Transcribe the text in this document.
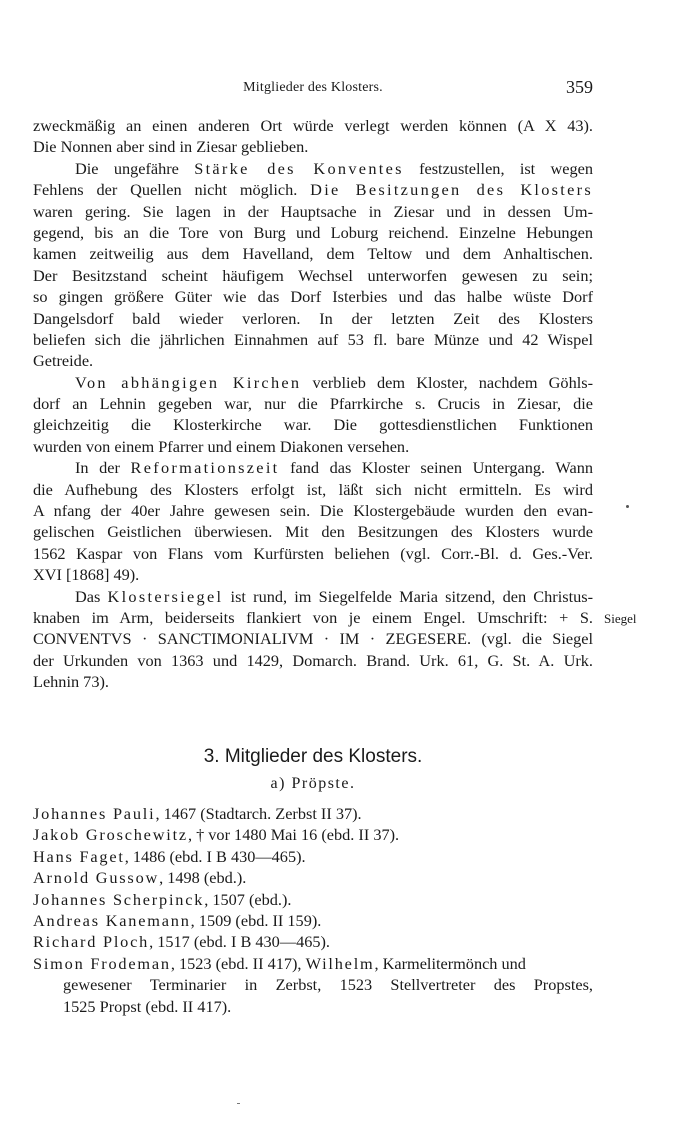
Mitglieder des Klosters.	359
zweckmäßig an einen anderen Ort würde verlegt werden können (A X 43).
Die Nonnen aber sind in Ziesar geblieben.
Die ungefähre Stärke des Konventes festzustellen, ist wegen
Fehlens der Quellen nicht möglich. Die Besitzungen des Klosters
waren gering. Sie lagen in der Hauptsache in Ziesar und in dessen Um-
gegend, bis an die Tore von Burg und Loburg reichend. Einzelne Hebungen
kamen zeitweilig aus dem Havelland, dem Teltow und dem Anhaltischen.
Der Besitzstand scheint häufigem Wechsel unterworfen gewesen zu sein;
so gingen größere Güter wie das Dorf Isterbies und das halbe wüste Dorf
Dangelsdorf bald wieder verloren. In der letzten Zeit des Klosters
beliefen sich die jährlichen Einnahmen auf 53 fl. bare Münze und 42 Wispel
Getreide.
Von abhängigen Kirchen verblieb dem Kloster, nachdem Göhls-
dorf an Lehnin gegeben war, nur die Pfarrkirche s. Crucis in Ziesar, die
gleichzeitig die Klosterkirche war. Die gottesdienstlichen Funktionen
wurden von einem Pfarrer und einem Diakonen versehen.
In der Reformationszeit fand das Kloster seinen Untergang. Wann
die Aufhebung des Klosters erfolgt ist, läßt sich nicht ermitteln. Es wird
A nfang der 40er Jahre gewesen sein. Die Klostergebäude wurden den evan-
gelischen Geistlichen überwiesen. Mit den Besitzungen des Klosters wurde
1562 Kaspar von Flans vom Kurfürsten beliehen (vgl. Corr.-Bl. d. Ges.-Ver.
XVI [1868] 49).
Das Klostersiegel ist rund, im Siegelfelde Maria sitzend, den Christus-
knaben im Arm, beiderseits flankiert von je einem Engel. Umschrift: + S.
CONVENTVS · SANCTIMONIALIVM · IM · ZEGESERE. (vgl. die Siegel
der Urkunden von 1363 und 1429, Domarch. Brand. Urk. 61, G. St. A. Urk.
Lehnin 73).
Siegel
3. Mitglieder des Klosters.
a) Pröpste.
Johannes Pauli, 1467 (Stadtarch. Zerbst II 37).
Jakob Groschewitz, † vor 1480 Mai 16 (ebd. II 37).
Hans Faget, 1486 (ebd. I B 430—465).
Arnold Gussow, 1498 (ebd.).
Johannes Scherpinck, 1507 (ebd.).
Andreas Kanemann, 1509 (ebd. II 159).
Richard Ploch, 1517 (ebd. I B 430—465).
Simon Frodeman, 1523 (ebd. II 417), Wilhelm, Karmelitermönch und
gewesener Terminarier in Zerbst, 1523 Stellvertreter des Propstes,
1525 Propst (ebd. II 417).
